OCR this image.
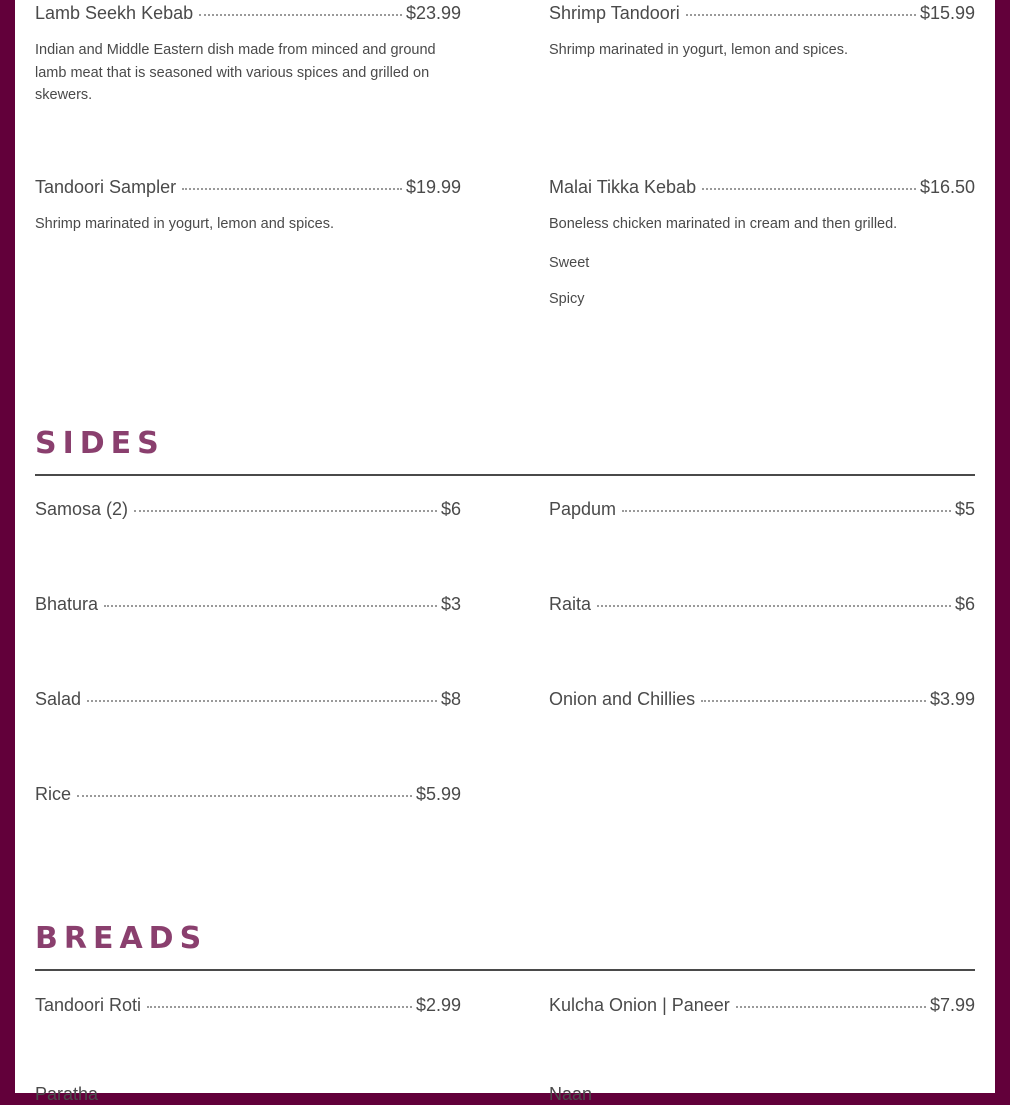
Lamb Seekh Kebab	$23.99
Indian and Middle Eastern dish made from minced and ground lamb meat that is seasoned with various spices and grilled on skewers.
Shrimp Tandoori	$15.99
Shrimp marinated in yogurt, lemon and spices.
Tandoori Sampler	$19.99
Shrimp marinated in yogurt, lemon and spices.
Malai Tikka Kebab	$16.50
Boneless chicken marinated in cream and then grilled.
Sweet
Spicy
SIDES
Samosa (2)	$6	Papdum	$5
Bhatura	$3	Raita	$6
Salad	$8	Onion and Chillies	$3.99
Rice	$5.99
BREADS
Tandoori Roti	$2.99	Kulcha Onion | Paneer	$7.99
Paratha	Naan
